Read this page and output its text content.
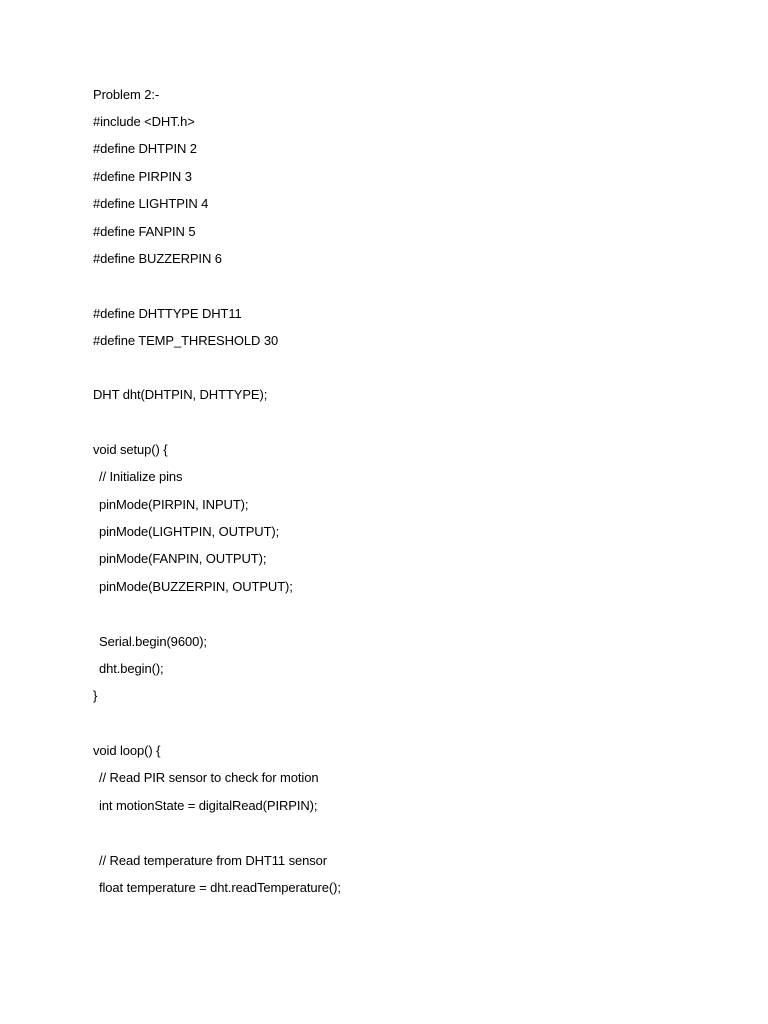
Problem 2:-
#include <DHT.h>
#define DHTPIN 2
#define PIRPIN 3
#define LIGHTPIN 4
#define FANPIN 5
#define BUZZERPIN 6
#define DHTTYPE DHT11
#define TEMP_THRESHOLD 30
DHT dht(DHTPIN, DHTTYPE);
void setup() {
// Initialize pins
pinMode(PIRPIN, INPUT);
pinMode(LIGHTPIN, OUTPUT);
pinMode(FANPIN, OUTPUT);
pinMode(BUZZERPIN, OUTPUT);
Serial.begin(9600);
dht.begin();
}
void loop() {
// Read PIR sensor to check for motion
int motionState = digitalRead(PIRPIN);
// Read temperature from DHT11 sensor
float temperature = dht.readTemperature();
